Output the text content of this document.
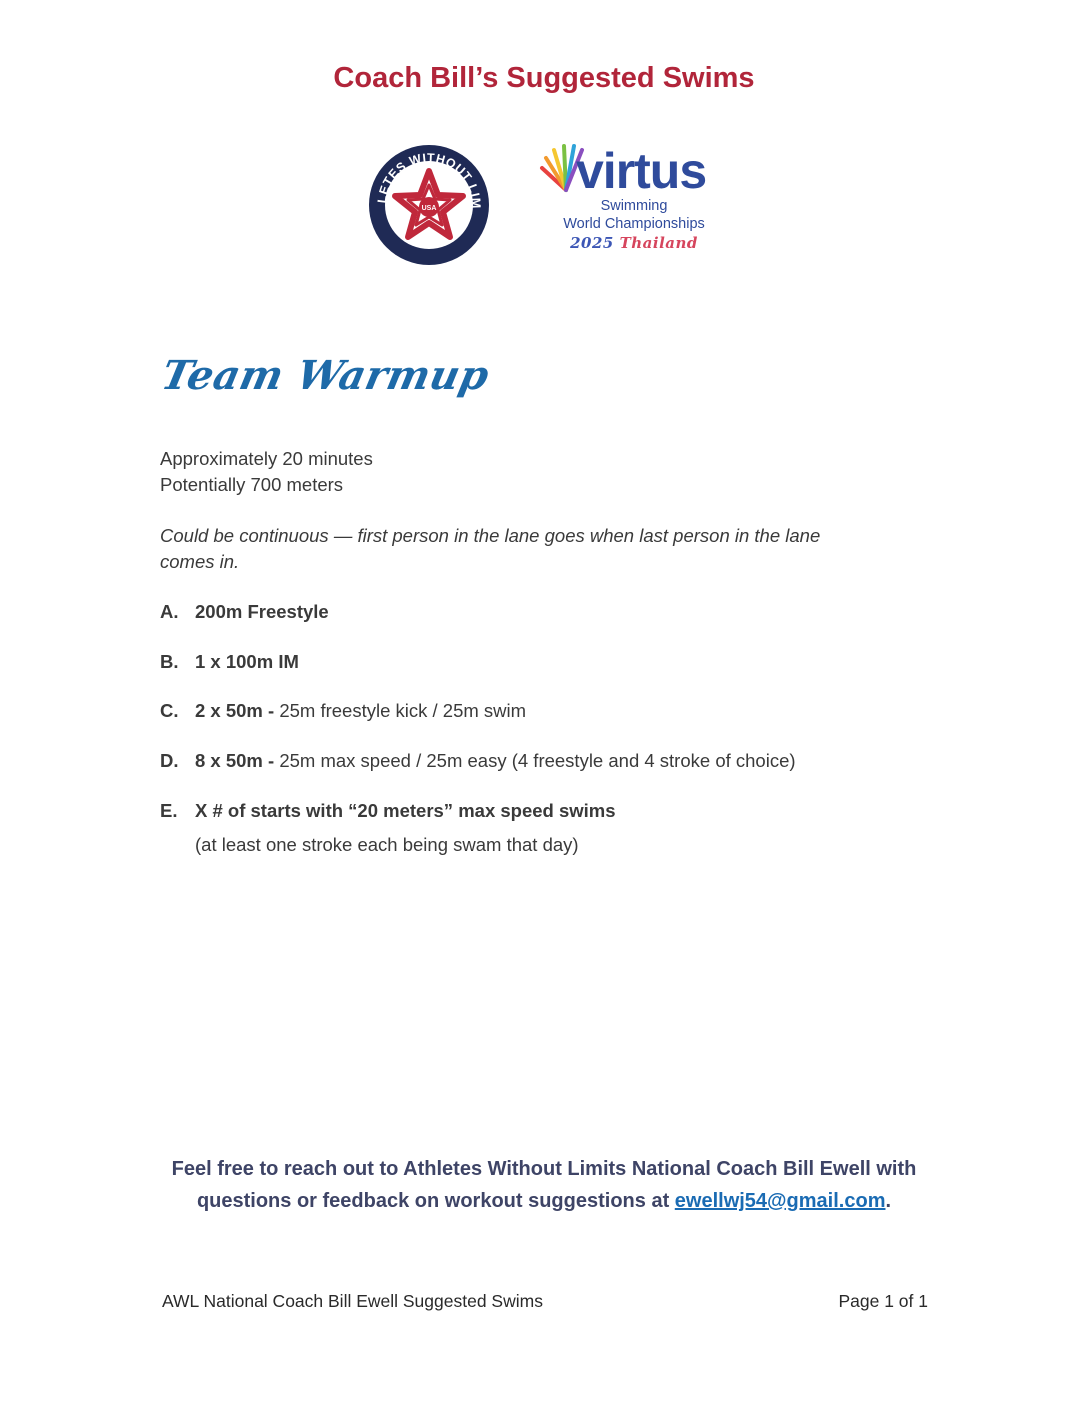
Coach Bill’s Suggested Swims
LETES WITHOUT LIM
VIRTUS MEMBER
USA
virtus
Swimming
World Championships
2025 Thailand
Team Warmup
Approximately 20 minutes
Potentially 700 meters
Could be continuous — first person in the lane goes when last person in the lane comes in.
A. 200m Freestyle
B. 1 x 100m IM
C. 2 x 50m - 25m freestyle kick / 25m swim
D. 8 x 50m - 25m max speed / 25m easy (4 freestyle and 4 stroke of choice)
E. X # of starts with “20 meters” max speed swims
(at least one stroke each being swam that day)
Feel free to reach out to Athletes Without Limits National Coach Bill Ewell with
questions or feedback on workout suggestions at ewellwj54@gmail.com.
AWL National Coach Bill Ewell Suggested Swims	Page 1 of 1
